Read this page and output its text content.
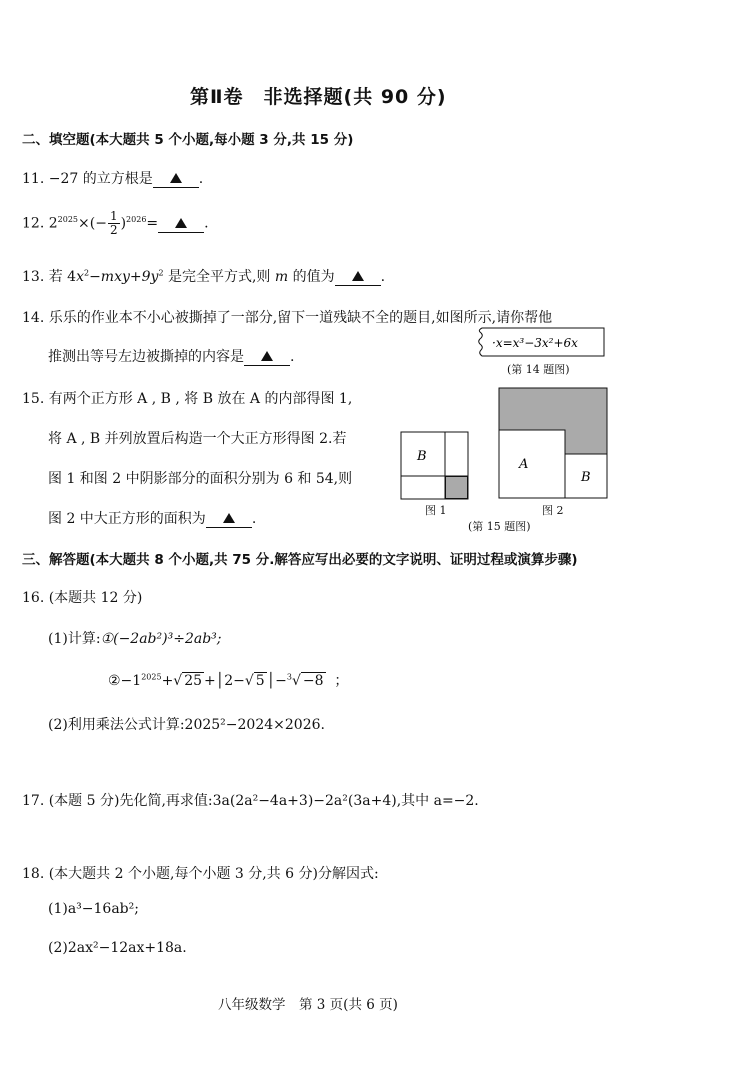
第Ⅱ卷　非选择题(共 90 分)
二、填空题(本大题共 5 个小题,每小题 3 分,共 15 分)
11. −27 的立方根是	.
12. $2^{2025}\times(- \frac{1}{2} )^{2026}=$	.
13. 若 $4x^2-mxy+9y^2$ 是完全平方式,则 m 的值为	.
14. 乐乐的作业本不小心被撕掉了一部分,留下一道残缺不全的题目,如图所示,请你帮他
推测出等号左边被撕掉的内容是	.
·x=x³−3x²+6x
(第 14 题图)
15. 有两个正方形 A , B , 将 B 放在 A 的内部得图 1,
将 A , B 并列放置后构造一个大正方形得图 2.若
图 1 和图 2 中阴影部分的面积分别为 6 和 54,则
图 2 中大正方形的面积为	.
B
图 1
A
B
图 2
(第 15 题图)
三、解答题(本大题共 8 个小题,共 75 分.解答应写出必要的文字说明、证明过程或演算步骤)
16. (本题共 12 分)
(1)计算:①(−2ab²)³÷2ab³;
$②-1^{2025}+√$ 25 +│2−√ 5 │−$^3$√ −8 ；
(2)利用乘法公式计算:2025²−2024×2026.
17. (本题 5 分)先化简,再求值:3a(2a²−4a+3)−2a²(3a+4),其中 a=−2.
18. (本大题共 2 个小题,每个小题 3 分,共 6 分)分解因式:
(1)a³−16ab²;
(2)2ax²−12ax+18a.
八年级数学　第 3 页(共 6 页)
